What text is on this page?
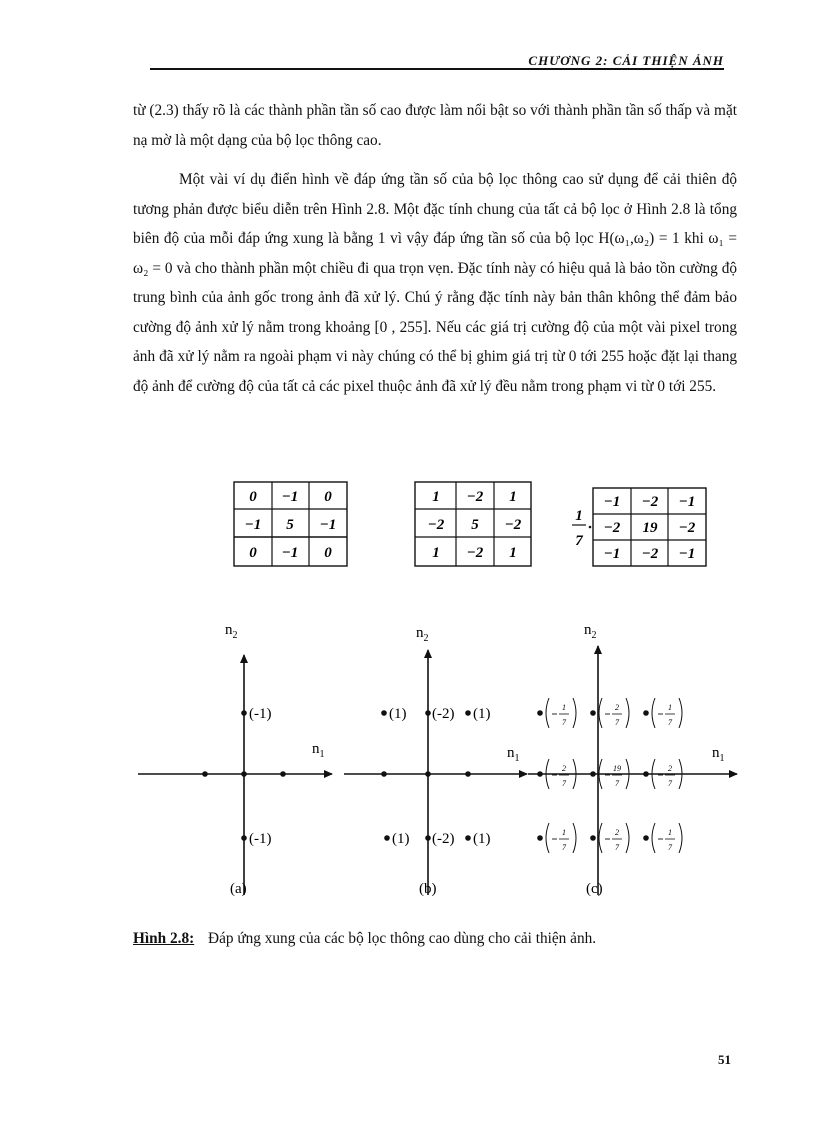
CHƯƠNG 2: CẢI THIỆN ẢNH

từ (2.3) thấy rõ là các thành phần tần số cao được làm nổi bật so với thành phần tần số thấp và mặt nạ mờ là một dạng của bộ lọc thông cao.

Một vài ví dụ điển hình về đáp ứng tần số của bộ lọc thông cao sử dụng để cải thiên độ tương phản được biểu diễn trên Hình 2.8. Một đặc tính chung của tất cả bộ lọc ở Hình 2.8 là tổng biên độ của mỗi đáp ứng xung là bằng 1 vì vậy đáp ứng tần số của bộ lọc H(ω₁,ω₂) = 1 khi ω₁ = ω₂ = 0 và cho thành phần một chiều đi qua trọn vẹn. Đặc tính này có hiệu quả là bảo tồn cường độ trung bình của ảnh gốc trong ảnh đã xử lý. Chú ý rằng đặc tính này bản thân không thể đảm bảo cường độ ảnh xử lý nằm trong khoảng [0 , 255]. Nếu các giá trị cường độ của một vài pixel trong ảnh đã xử lý nằm ra ngoài phạm vi này chúng có thể bị ghim giá trị từ 0 tới 255 hoặc đặt lại thang độ ảnh để cường độ của tất cả các pixel thuộc ảnh đã xử lý đều nằm trong phạm vi từ 0 tới 255.

0 −1 0
−1 5 −1
0 −1 0
1 −2 1
−2 5 −2
1 −2 1
1
7
−1 −2 −1
−2 19 −2
−1 −2 −1
$n_2$
$n_1$
(-1)
(-1)
(a)
$n_2$
$n_1$
(1) (-2) (1)
(1) (-2) (1)
(b)
$n_2$
$n_1$
1
7
2
7
1
7
2
7
19
7
2
7
1
7
2
7
1
7
(c)
Hình 2.8: Đáp ứng xung của các bộ lọc thông cao dùng cho cải thiện ảnh.
51
